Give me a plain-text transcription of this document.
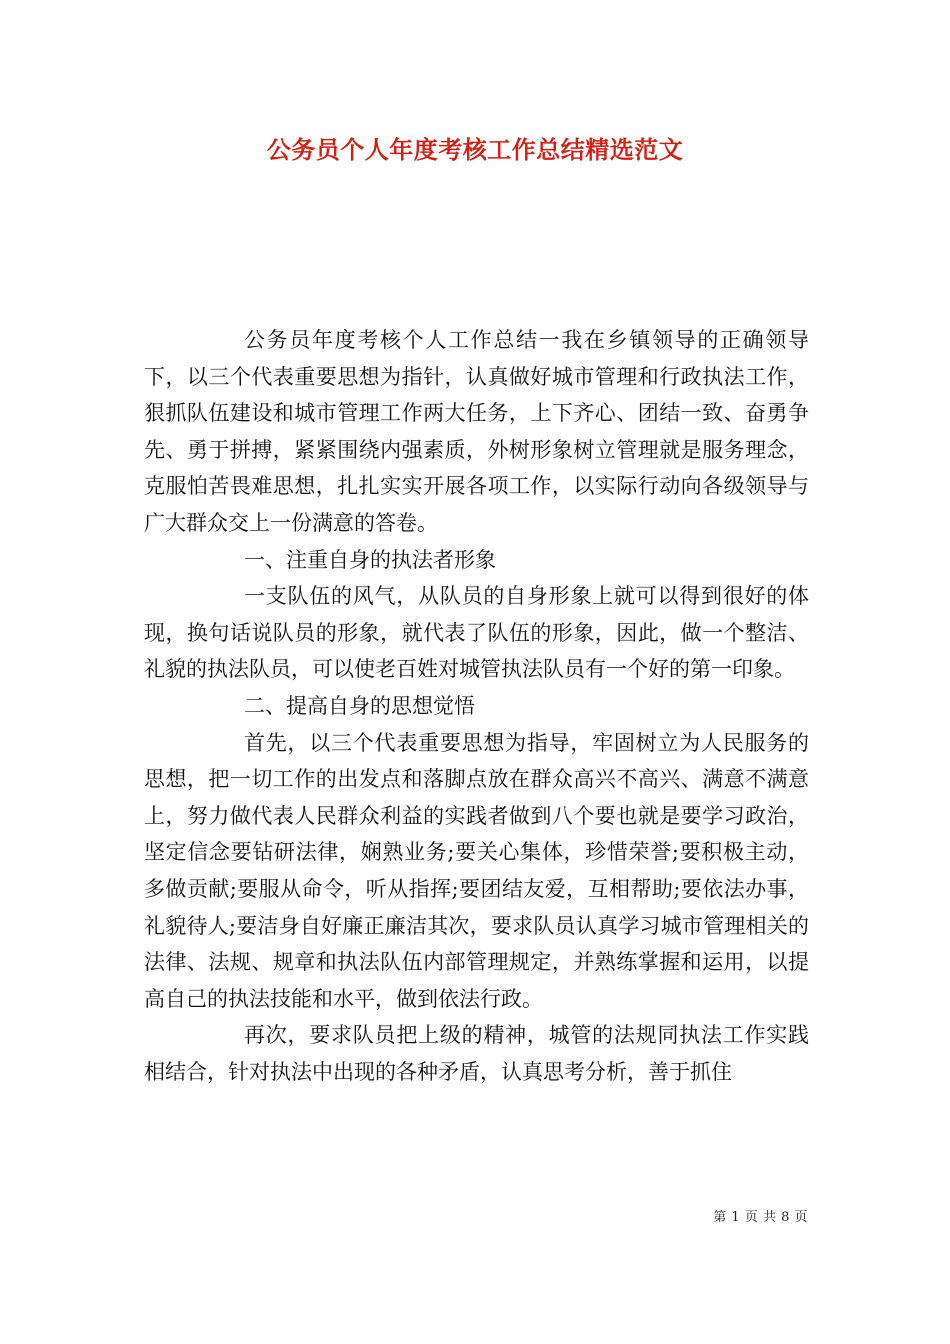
公务员个人年度考核工作总结精选范文

公务员年度考核个人工作总结一我在乡镇领导的正确领导下，以三个代表重要思想为指针，认真做好城市管理和行政执法工作，狠抓队伍建设和城市管理工作两大任务，上下齐心、团结一致、奋勇争先、勇于拼搏，紧紧围绕内强素质，外树形象树立管理就是服务理念，克服怕苦畏难思想，扎扎实实开展各项工作，以实际行动向各级领导与广大群众交上一份满意的答卷。

一、注重自身的执法者形象

一支队伍的风气，从队员的自身形象上就可以得到很好的体现，换句话说队员的形象，就代表了队伍的形象，因此，做一个整洁、礼貌的执法队员，可以使老百姓对城管执法队员有一个好的第一印象。

二、提高自身的思想觉悟

首先，以三个代表重要思想为指导，牢固树立为人民服务的思想，把一切工作的出发点和落脚点放在群众高兴不高兴、满意不满意上，努力做代表人民群众利益的实践者做到八个要也就是要学习政治，坚定信念要钻研法律，娴熟业务;要关心集体，珍惜荣誉;要积极主动，多做贡献;要服从命令，听从指挥;要团结友爱，互相帮助;要依法办事，礼貌待人;要洁身自好廉正廉洁其次，要求队员认真学习城市管理相关的法律、法规、规章和执法队伍内部管理规定，并熟练掌握和运用，以提高自己的执法技能和水平，做到依法行政。

再次，要求队员把上级的精神，城管的法规同执法工作实践相结合，针对执法中出现的各种矛盾，认真思考分析，善于抓住

第 1 页 共 8 页
